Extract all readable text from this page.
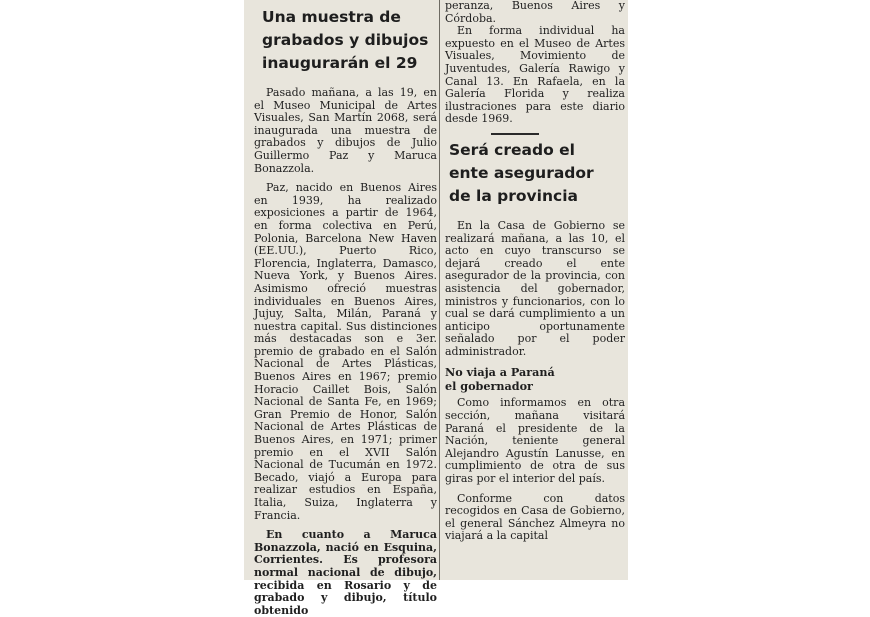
Una muestra de
grabados y dibujos
inaugurarán el 29

Pasado mañana, a las 19, en el Museo Municipal de Artes Visuales, San Martín 2068, será inaugurada una muestra de grabados y dibujos de Julio Guillermo Paz y Maruca Bonazzola.

Paz, nacido en Buenos Aires en 1939, ha realizado exposiciones a partir de 1964, en forma colectiva en Perú, Polonia, Barcelona New Haven (EE.UU.), Puerto Rico, Florencia, Inglaterra, Damasco, Nueva York, y Buenos Aires. Asimismo ofreció muestras individuales en Buenos Aires, Jujuy, Salta, Milán, Paraná y nuestra capital. Sus distinciones más destacadas son e 3er. premio de grabado en el Salón Nacional de Artes Plásticas, Buenos Aires en 1967; premio Horacio Caillet Bois, Salón Nacional de Santa Fe, en 1969; Gran Premio de Honor, Salón Nacional de Artes Plásticas de Buenos Aires, en 1971; primer premio en el XVII Salón Nacional de Tucumán en 1972. Becado, viajó a Europa para realizar estudios en España, Italia, Suiza, Inglaterra y Francia.

En cuanto a Maruca Bonazzola, nació en Esquina, Corrientes. Es profesora normal nacional de dibujo, recibida en Rosario y de grabado y dibujo, título obtenido

peranza, Buenos Aires y Córdoba.

En forma individual ha expuesto en el Museo de Artes Visuales, Movimiento de Juventudes, Galería Rawigo y Canal 13. En Rafaela, en la Galería Florida y realiza ilustraciones para este diario desde 1969.

Será creado el
ente asegurador
de la provincia

En la Casa de Gobierno se realizará mañana, a las 10, el acto en cuyo transcurso se dejará creado el ente asegurador de la provincia, con asistencia del gobernador, ministros y funcionarios, con lo cual se dará cumplimiento a un anticipo oportunamente señalado por el poder administrador.

No viaja a Paraná
el gobernador

Como informamos en otra sección, mañana visitará Paraná el presidente de la Nación, teniente general Alejandro Agustín Lanusse, en cumplimiento de otra de sus giras por el interior del país.

Conforme con datos recogidos en Casa de Gobierno, el general Sánchez Almeyra no viajará a la capital
